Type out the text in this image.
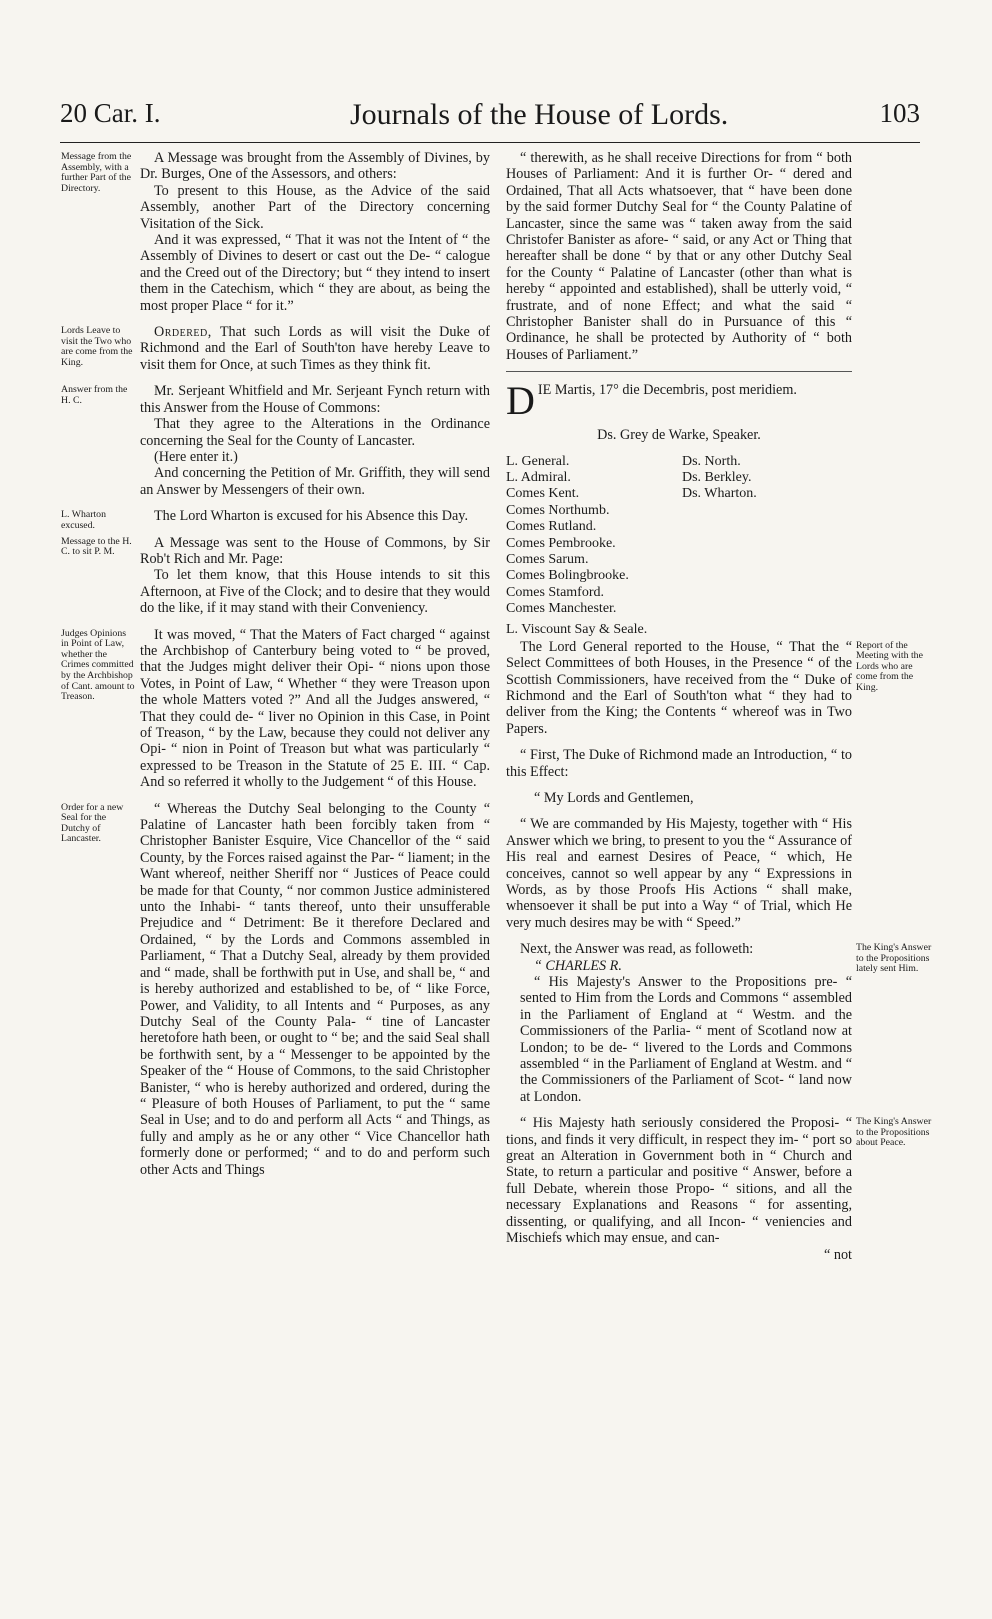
20 Car. I.	Journals of the House of Lords.	103
Message from the Assembly, with a further Part of the Directory.

A Message was brought from the Assembly of Divines, by Dr. Burges, One of the Assessors, and others:

To present to this House, as the Advice of the said Assembly, another Part of the Directory concerning Visitation of the Sick.

And it was expressed, “ That it was not the Intent of “ the Assembly of Divines to desert or cast out the De- “ calogue and the Creed out of the Directory; but “ they intend to insert them in the Catechism, which “ they are about, as being the most proper Place “ for it.”

Lords Leave to visit the Two who are come from the King.

Ordered, That such Lords as will visit the Duke of Richmond and the Earl of South'ton have hereby Leave to visit them for Once, at such Times as they think fit.

Answer from the H. C.

Mr. Serjeant Whitfield and Mr. Serjeant Fynch return with this Answer from the House of Commons:

That they agree to the Alterations in the Ordinance concerning the Seal for the County of Lancaster.

(Here enter it.)

And concerning the Petition of Mr. Griffith, they will send an Answer by Messengers of their own.

L. Wharton excused.

The Lord Wharton is excused for his Absence this Day.

Message to the H. C. to sit P. M.

A Message was sent to the House of Commons, by Sir Rob't Rich and Mr. Page:

To let them know, that this House intends to sit this Afternoon, at Five of the Clock; and to desire that they would do the like, if it may stand with their Conveniency.

Judges Opinions in Point of Law, whether the Crimes committed by the Archbishop of Cant. amount to Treason.

It was moved, “ That the Maters of Fact charged “ against the Archbishop of Canterbury being voted to “ be proved, that the Judges might deliver their Opi- “ nions upon those Votes, in Point of Law, “ Whether “ they were Treason upon the whole Matters voted ?” And all the Judges answered, “ That they could de- “ liver no Opinion in this Case, in Point of Treason, “ by the Law, because they could not deliver any Opi- “ nion in Point of Treason but what was particularly “ expressed to be Treason in the Statute of 25 E. III. “ Cap. And so referred it wholly to the Judgement “ of this House.

Order for a new Seal for the Dutchy of Lancaster.

“ Whereas the Dutchy Seal belonging to the County “ Palatine of Lancaster hath been forcibly taken from “ Christopher Banister Esquire, Vice Chancellor of the “ said County, by the Forces raised against the Par- “ liament; in the Want whereof, neither Sheriff nor “ Justices of Peace could be made for that County, “ nor common Justice administered unto the Inhabi- “ tants thereof, unto their unsufferable Prejudice and “ Detriment: Be it therefore Declared and Ordained, “ by the Lords and Commons assembled in Parliament, “ That a Dutchy Seal, already by them provided and “ made, shall be forthwith put in Use, and shall be, “ and is hereby authorized and established to be, of “ like Force, Power, and Validity, to all Intents and “ Purposes, as any Dutchy Seal of the County Pala- “ tine of Lancaster heretofore hath been, or ought to “ be; and the said Seal shall be forthwith sent, by a “ Messenger to be appointed by the Speaker of the “ House of Commons, to the said Christopher Banister, “ who is hereby authorized and ordered, during the “ Pleasure of both Houses of Parliament, to put the “ same Seal in Use; and to do and perform all Acts “ and Things, as fully and amply as he or any other “ Vice Chancellor hath formerly done or performed; “ and to do and perform such other Acts and Things

“ therewith, as he shall receive Directions for from “ both Houses of Parliament: And it is further Or- “ dered and Ordained, That all Acts whatsoever, that “ have been done by the said former Dutchy Seal for “ the County Palatine of Lancaster, since the same was “ taken away from the said Christofer Banister as afore- “ said, or any Act or Thing that hereafter shall be done “ by that or any other Dutchy Seal for the County “ Palatine of Lancaster (other than what is hereby “ appointed and established), shall be utterly void, “ frustrate, and of none Effect; and what the said “ Christopher Banister shall do in Pursuance of this “ Ordinance, he shall be protected by Authority of “ both Houses of Parliament.”

DIE Martis, 17° die Decembris, post meridiem.

Ds. Grey de Warke, Speaker.

L. General.
L. Admiral.
Comes Kent.
Comes Northumb.
Comes Rutland.
Comes Pembrooke.
Comes Sarum.
Comes Bolingbrooke.
Comes Stamford.
Comes Manchester.
L. Viscount Say & Seale.
Ds. North.
Ds. Berkley.
Ds. Wharton.
Report of the Meeting with the Lords who are come from the King.

The Lord General reported to the House, “ That the “ Select Committees of both Houses, in the Presence “ of the Scottish Commissioners, have received from the “ Duke of Richmond and the Earl of South'ton what “ they had to deliver from the King; the Contents “ whereof was in Two Papers.

“ First, The Duke of Richmond made an Introduction, “ to this Effect:

“ My Lords and Gentlemen,

“ We are commanded by His Majesty, together with “ His Answer which we bring, to present to you the “ Assurance of His real and earnest Desires of Peace, “ which, He conceives, cannot so well appear by any “ Expressions in Words, as by those Proofs His Actions “ shall make, whensoever it shall be put into a Way “ of Trial, which He very much desires may be with “ Speed.”

The King's Answer to the Propositions lately sent Him.

Next, the Answer was read, as followeth:

“ CHARLES R.

“ His Majesty's Answer to the Propositions pre- “ sented to Him from the Lords and Commons “ assembled in the Parliament of England at “ Westm. and the Commissioners of the Parlia- “ ment of Scotland now at London; to be de- “ livered to the Lords and Commons assembled “ in the Parliament of England at Westm. and “ the Commissioners of the Parliament of Scot- “ land now at London.

The King's Answer to the Propositions about Peace.

“ His Majesty hath seriously considered the Proposi- “ tions, and finds it very difficult, in respect they im- “ port so great an Alteration in Government both in “ Church and State, to return a particular and positive “ Answer, before a full Debate, wherein those Propo- “ sitions, and all the necessary Explanations and Reasons “ for assenting, dissenting, or qualifying, and all Incon- “ veniencies and Mischiefs which may ensue, and can-

“ not
